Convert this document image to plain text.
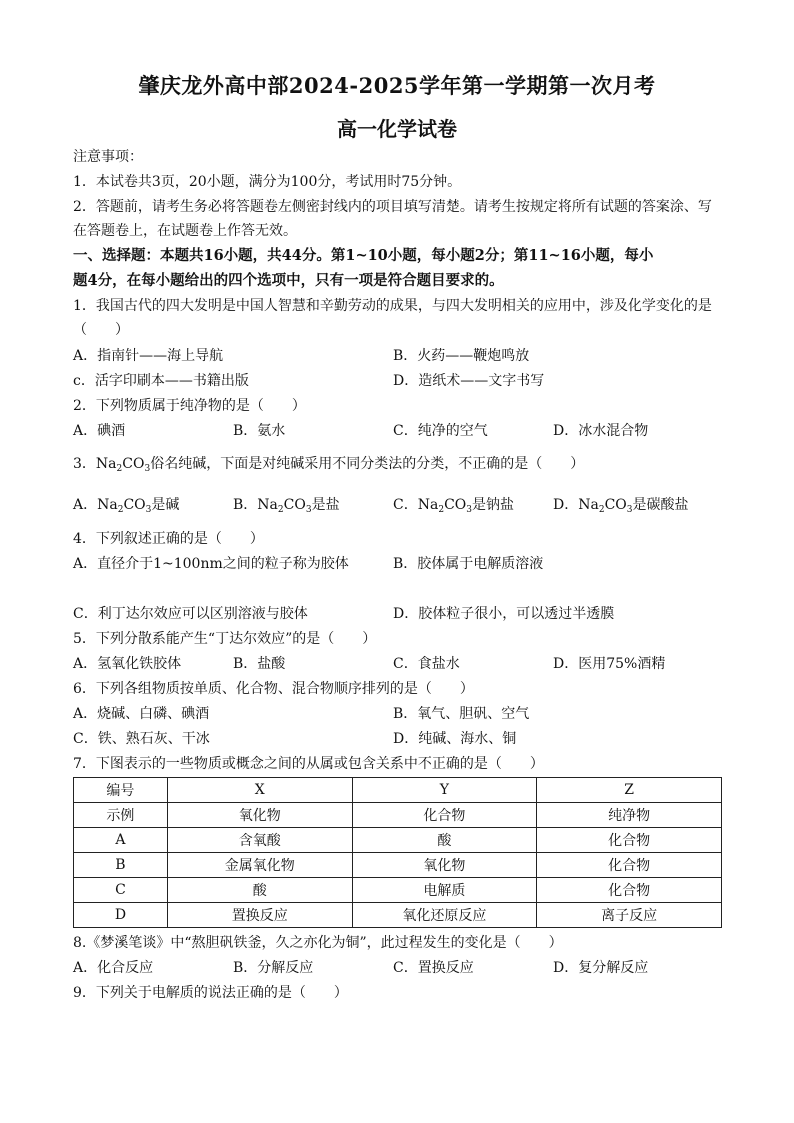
肇庆龙外高中部2024-2025学年第一学期第一次月考
高一化学试卷
注意事项：
1．本试卷共3页，20小题，满分为100分，考试用时75分钟。
2．答题前，请考生务必将答题卷左侧密封线内的项目填写清楚。请考生按规定将所有试题的答案涂、写
在答题卷上，在试题卷上作答无效。
一、选择题：本题共16小题，共44分。第1~10小题，每小题2分；第11~16小题，每小
题4分，在每小题给出的四个选项中，只有一项是符合题目要求的。
1．我国古代的四大发明是中国人智慧和辛勤劳动的成果，与四大发明相关的应用中，涉及化学变化的是
（　　）
A．指南针——海上导航	B．火药——鞭炮鸣放
c．活字印刷本——书籍出版	D．造纸术——文字书写
2．下列物质属于纯净物的是（　　）
A．碘酒	B．氨水	C．纯净的空气	D．冰水混合物
3．$Na_2CO_3$俗名纯碱，下面是对纯碱采用不同分类法的分类，不正确的是（　　）
A．$Na_2CO_3$是碱	B．$Na_2CO_3$是盐	C．$Na_2CO_3$是钠盐	D．$Na_2CO_3$是碳酸盐
4．下列叙述正确的是（　　）
A．直径介于1~100nm之间的粒子称为胶体	B．胶体属于电解质溶液
C．利丁达尔效应可以区别溶液与胶体	D．胶体粒子很小，可以透过半透膜
5．下列分散系能产生“丁达尔效应”的是（　　）
A．氢氧化铁胶体	B．盐酸	C．食盐水	D．医用75%酒精
6．下列各组物质按单质、化合物、混合物顺序排列的是（　　）
A．烧碱、白磷、碘酒	B．氧气、胆矾、空气
C．铁、熟石灰、干冰	D．纯碱、海水、铜
7．下图表示的一些物质或概念之间的从属或包含关系中不正确的是（　　）
编号	X	Y	Z
示例	氧化物	化合物	纯净物
A	含氧酸	酸	化合物
B	金属氧化物	氧化物	化合物
C	酸	电解质	化合物
D	置换反应	氧化还原反应	离子反应
8.《梦溪笔谈》中“熬胆矾铁釜，久之亦化为铜”，此过程发生的变化是（　　）
A．化合反应	B．分解反应	C．置换反应	D．复分解反应
9．下列关于电解质的说法正确的是（　　）
